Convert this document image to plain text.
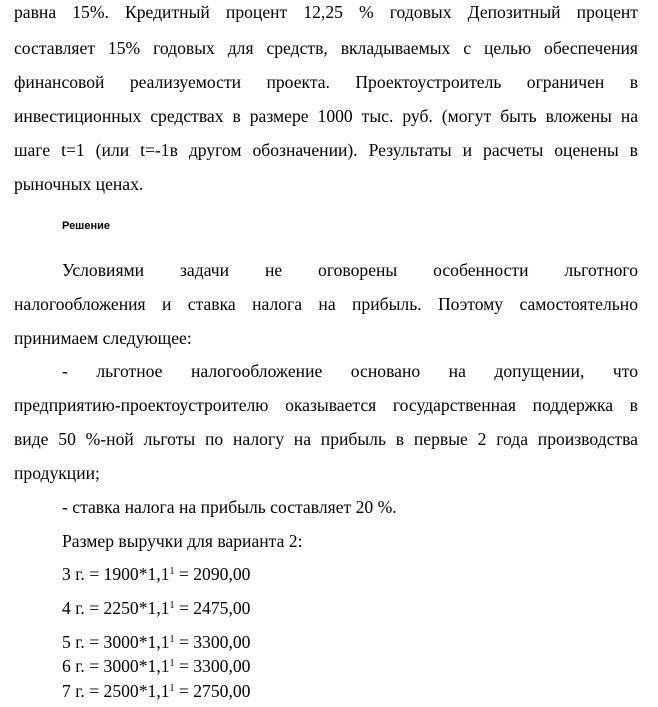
равна 15%. Кредитный процент 12,25 % годовых Депозитный процент
составляет 15% годовых для средств, вкладываемых с целью обеспечения
финансовой реализуемости проекта. Проектоустроитель ограничен в
инвестиционных средствах в размере 1000 тыс. руб. (могут быть вложены на
шаге t=1 (или t=-1в другом обозначении). Результаты и расчеты оценены в
рыночных ценах.
Решение
Условиями задачи не оговорены особенности льготного
налогообложения и ставка налога на прибыль. Поэтому самостоятельно
принимаем следующее:
- льготное налогообложение основано на допущении, что
предприятию-проектоустроителю оказывается государственная поддержка в
виде 50 %-ной льготы по налогу на прибыль в первые 2 года производства
продукции;
- ставка налога на прибыль составляет 20 %.
Размер выручки для варианта 2:
3 г. = $1900*1,1^1 = 2090,00$
4 г. = $2250*1,1^1 = 2475,00$
5 г. = $3000*1,1^1 = 3300,00$
6 г. = $3000*1,1^1 = 3300,00$
7 г. = $2500*1,1^1 = 2750,00$
